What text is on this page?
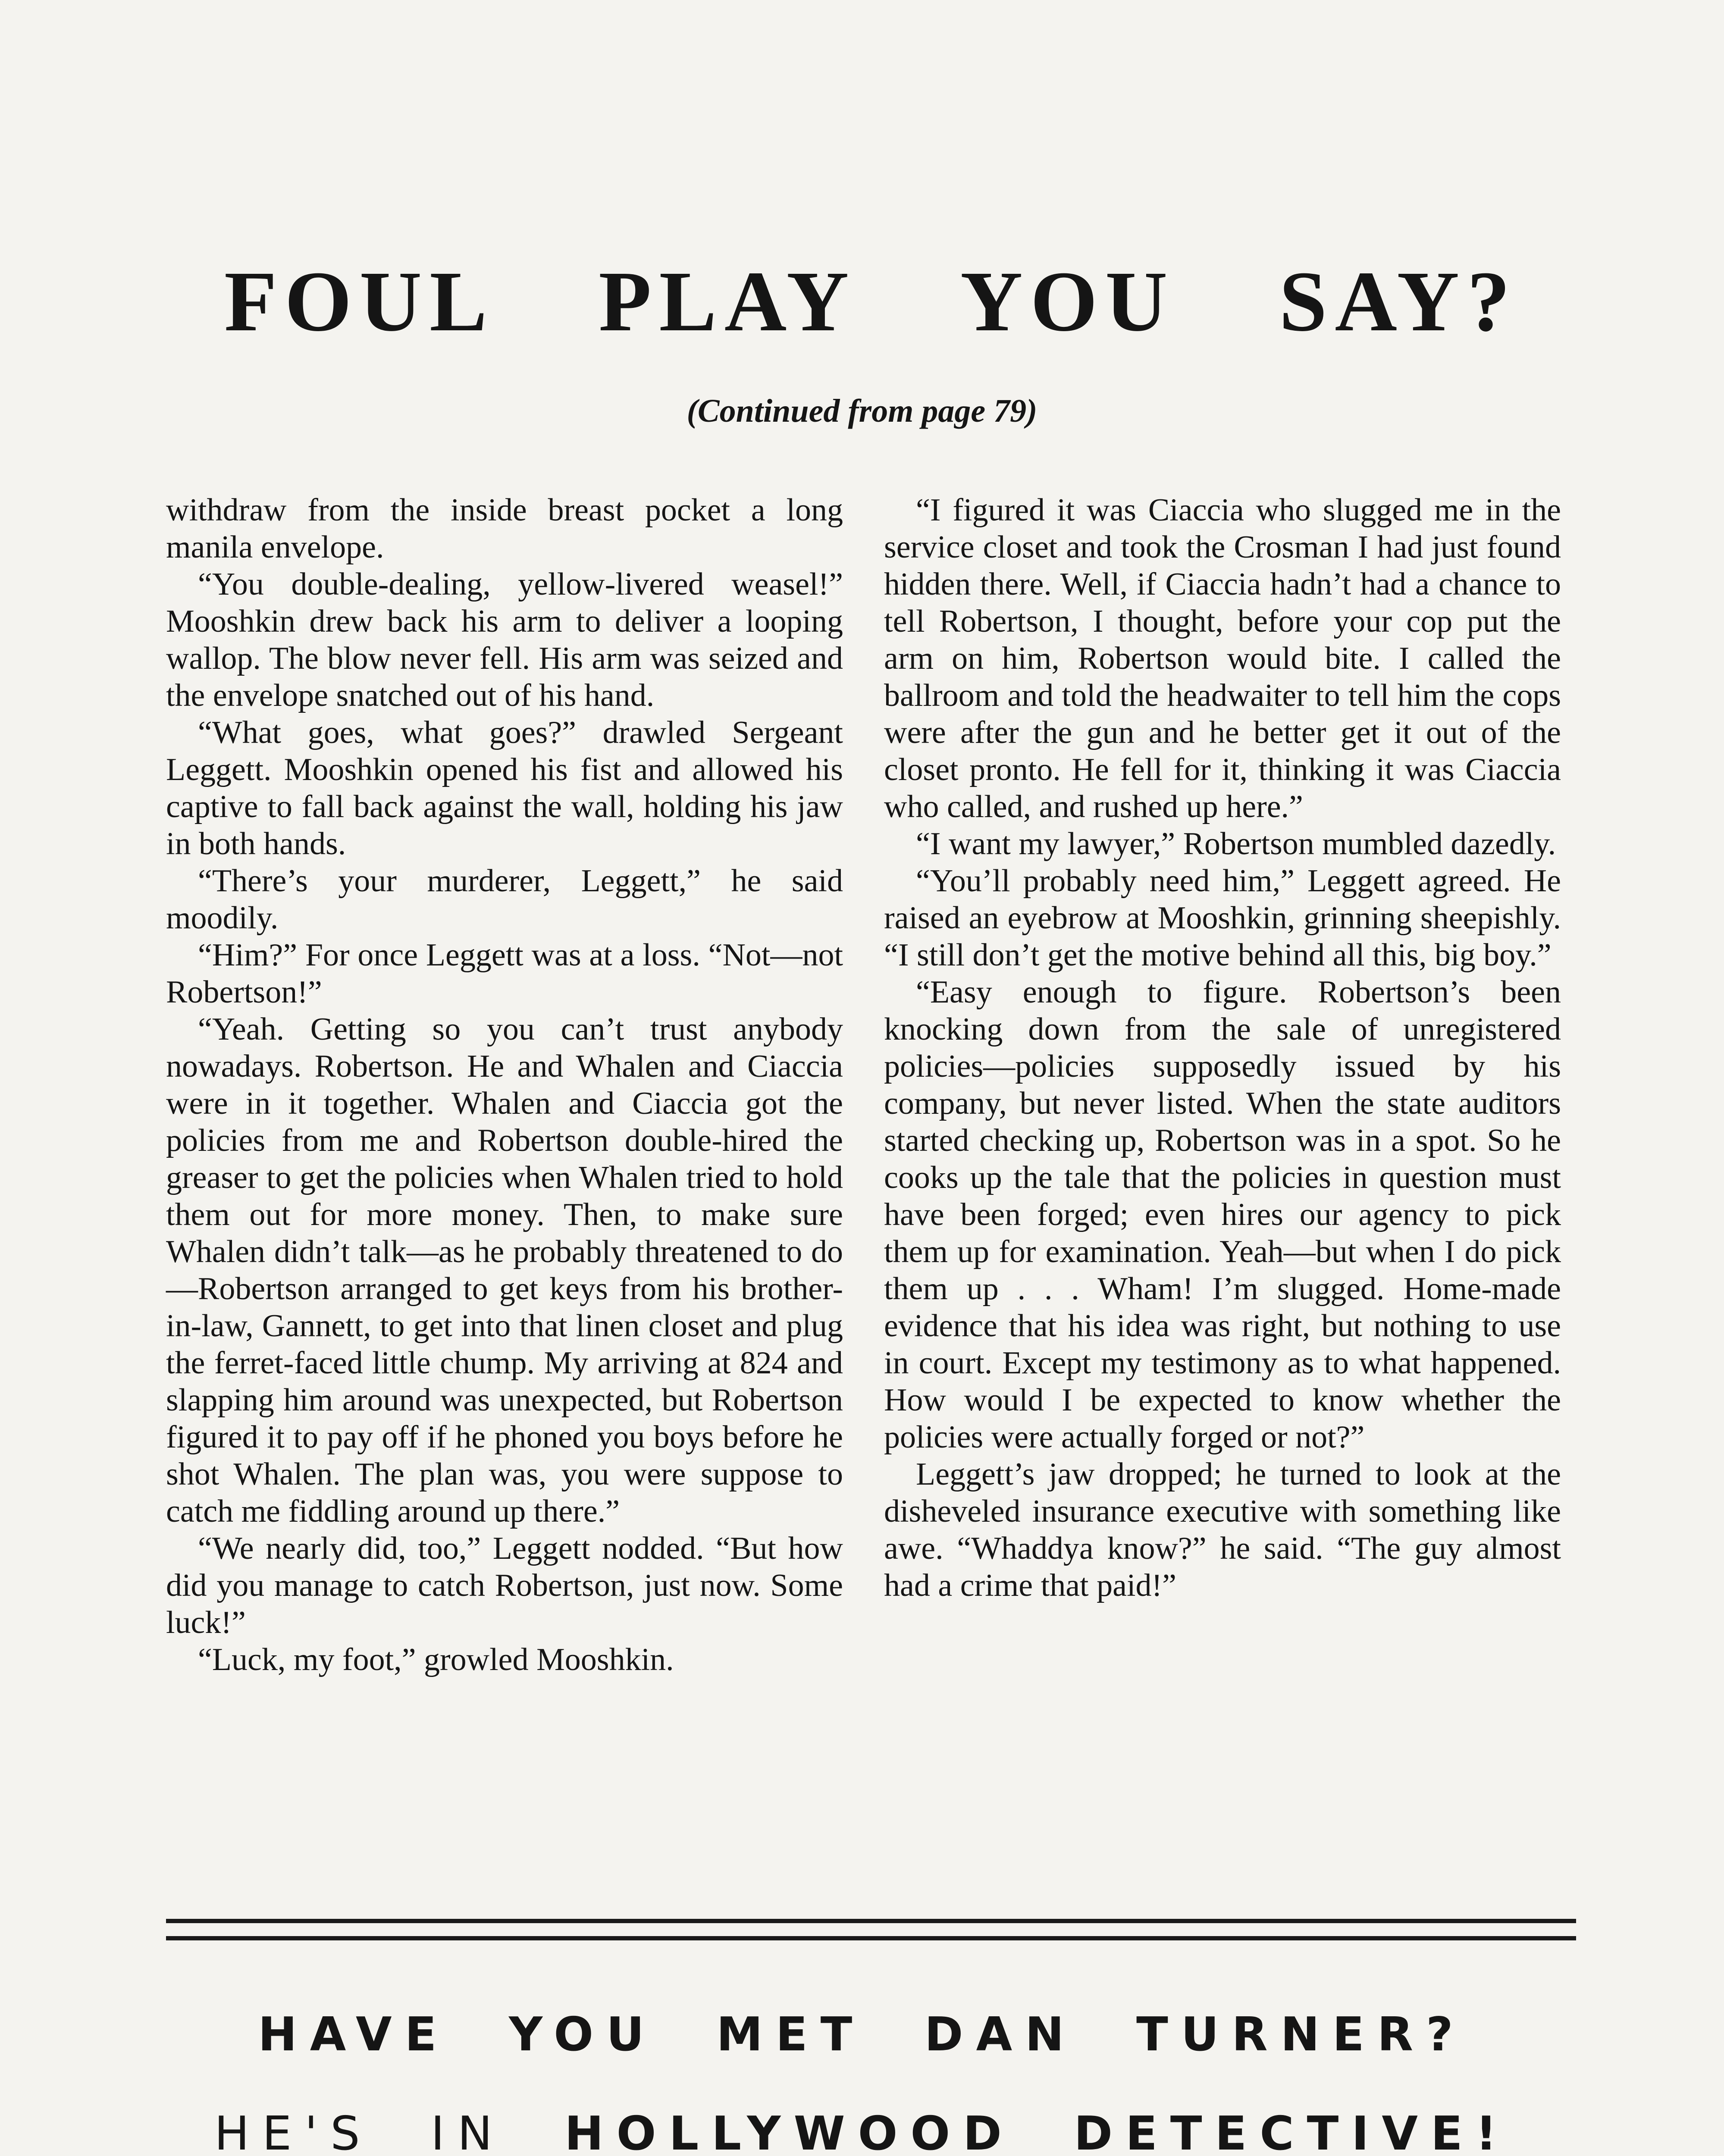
FOUL PLAY YOU SAY?
(Continued from page 79)

withdraw from the inside breast pocket a long manila envelope.

“You double-dealing, yellow-livered weasel!” Mooshkin drew back his arm to deliver a looping wallop. The blow never fell. His arm was seized and the envelope snatched out of his hand.

“What goes, what goes?” drawled Sergeant Leggett. Mooshkin opened his fist and allowed his captive to fall back against the wall, holding his jaw in both hands.

“There’s your murderer, Leggett,” he said moodily.

“Him?” For once Leggett was at a loss. “Not—not Robertson!”

“Yeah. Getting so you can’t trust anybody nowadays. Robertson. He and Whalen and Ciaccia were in it together. Whalen and Ciaccia got the policies from me and Robertson double-hired the greaser to get the policies when Whalen tried to hold them out for more money. Then, to make sure Whalen didn’t talk—as he probably threatened to do—Robertson arranged to get keys from his brother-in-law, Gannett, to get into that linen closet and plug the ferret-faced little chump. My arriving at 824 and slapping him around was unexpected, but Robertson figured it to pay off if he phoned you boys before he shot Whalen. The plan was, you were suppose to catch me fiddling around up there.”

“We nearly did, too,” Leggett nodded. “But how did you manage to catch Robertson, just now. Some luck!”

“Luck, my foot,” growled Mooshkin.

“I figured it was Ciaccia who slugged me in the service closet and took the Crosman I had just found hidden there. Well, if Ciaccia hadn’t had a chance to tell Robertson, I thought, before your cop put the arm on him, Robertson would bite. I called the ballroom and told the headwaiter to tell him the cops were after the gun and he better get it out of the closet pronto. He fell for it, thinking it was Ciaccia who called, and rushed up here.”

“I want my lawyer,” Robertson mumbled dazedly.

“You’ll probably need him,” Leggett agreed. He raised an eyebrow at Mooshkin, grinning sheepishly. “I still don’t get the motive behind all this, big boy.”

“Easy enough to figure. Robertson’s been knocking down from the sale of unregistered policies—policies supposedly issued by his company, but never listed. When the state auditors started checking up, Robertson was in a spot. So he cooks up the tale that the policies in question must have been forged; even hires our agency to pick them up for examination. Yeah—but when I do pick them up . . . Wham! I’m slugged. Home-made evidence that his idea was right, but nothing to use in court. Except my testimony as to what happened. How would I be expected to know whether the policies were actually forged or not?”

Leggett’s jaw dropped; he turned to look at the disheveled insurance executive with something like awe. “Whaddya know?” he said. “The guy almost had a crime that paid!”

HAVE YOU MET DAN TURNER?
HE'S IN HOLLYWOOD DETECTIVE!
